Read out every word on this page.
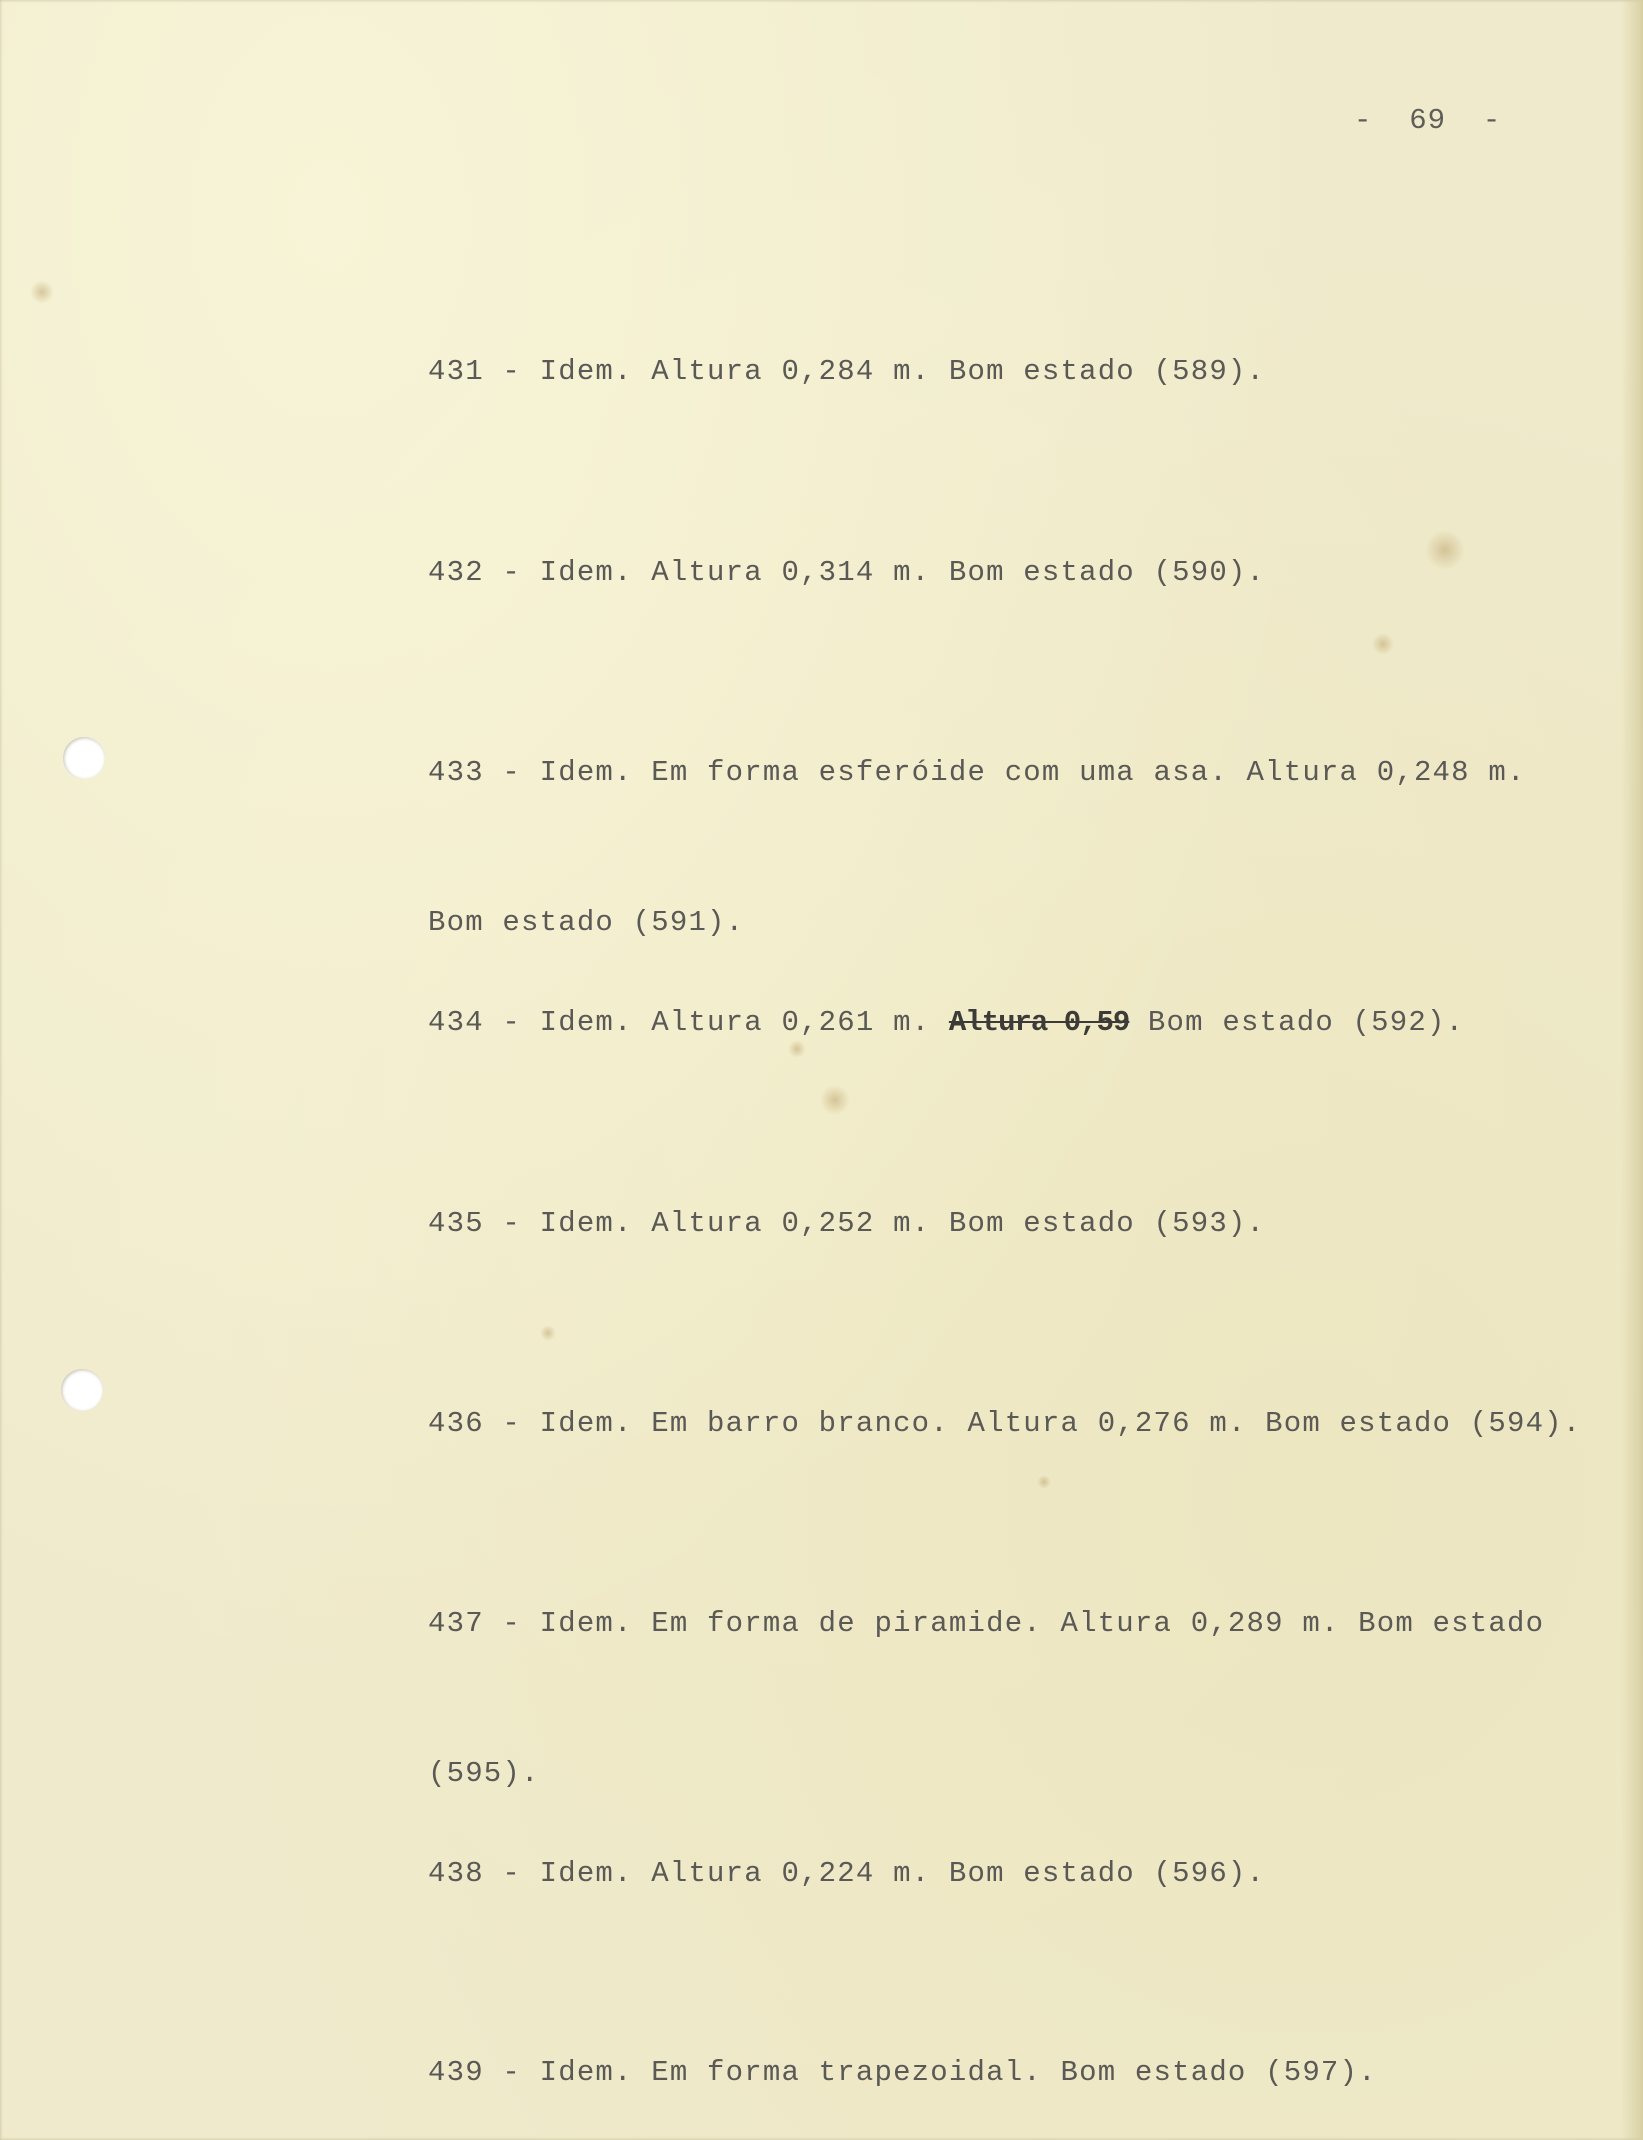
-  69  -

431 - Idem. Altura 0,284 m. Bom estado (589).

432 - Idem. Altura 0,314 m. Bom estado (590).

433 - Idem. Em forma esferóide com uma asa. Altura 0,248 m.

Bom estado (591).

434 - Idem. Altura 0,261 m. Altura 0,59 Bom estado (592).

435 - Idem. Altura 0,252 m. Bom estado (593).

436 - Idem. Em barro branco. Altura 0,276 m. Bom estado (594).

437 - Idem. Em forma de piramide. Altura 0,289 m. Bom estado

(595).

438 - Idem. Altura 0,224 m. Bom estado (596).

439 - Idem. Em forma trapezoidal. Bom estado (597).
